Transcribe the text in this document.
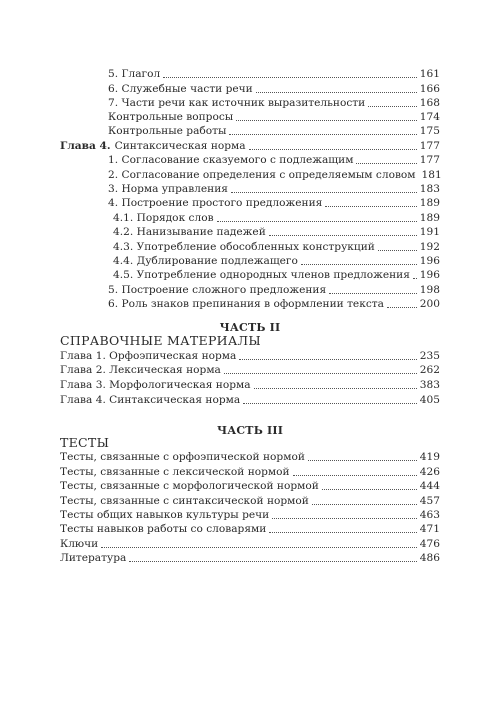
5. Глагол	161
6. Служебные части речи	166
7. Части речи как источник выразительности	168
Контрольные вопросы	174
Контрольные работы	175
Глава 4. Синтаксическая норма	177
1. Согласование сказуемого с подлежащим	177
2. Согласование определения с определяемым словом 181
3. Норма управления	183
4. Построение простого предложения	189
4.1. Порядок слов	189
4.2. Нанизывание падежей	191
4.3. Употребление обособленных конструкций	192
4.4. Дублирование подлежащего	196
4.5. Употребление однородных членов предложения 196
5. Построение сложного предложения	198
6. Роль знаков препинания в оформлении текста	200
ЧАСТЬ II
СПРАВОЧНЫЕ МАТЕРИАЛЫ
Глава 1. Орфоэпическая норма	235
Глава 2. Лексическая норма	262
Глава 3. Морфологическая норма	383
Глава 4. Синтаксическая норма	405
ЧАСТЬ III
ТЕСТЫ
Тесты, связанные с орфоэпической нормой	419
Тесты, связанные с лексической нормой	426
Тесты, связанные с морфологической нормой	444
Тесты, связанные с синтаксической нормой	457
Тесты общих навыков культуры речи	463
Тесты навыков работы со словарями	471
Ключи	476
Литература	486
